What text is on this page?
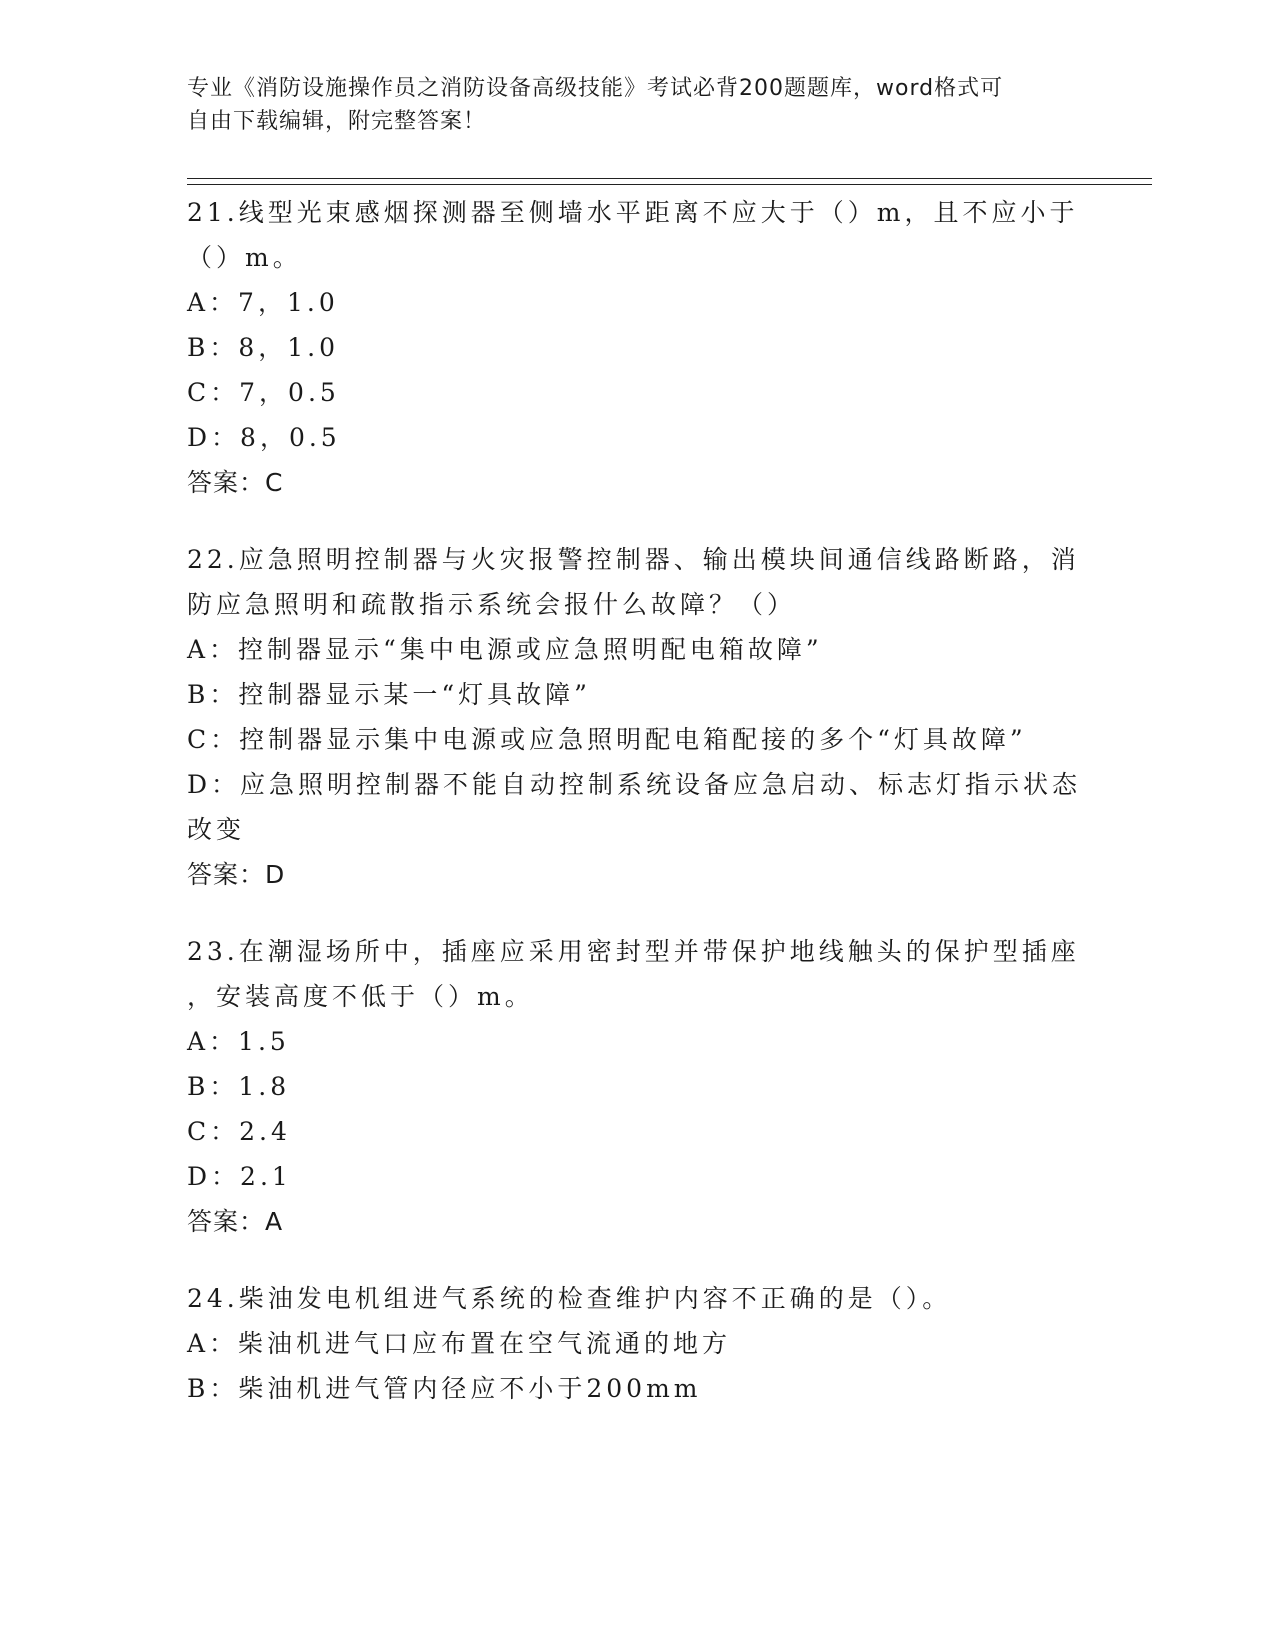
专业《消防设施操作员之消防设备高级技能》考试必背200题题库，word格式可
自由下载编辑，附完整答案！
21.线型光束感烟探测器至侧墙水平距离不应大于（）m，且不应小于
（）m。
A：7，1.0
B：8，1.0
C：7，0.5
D：8，0.5
答案：C
22.应急照明控制器与火灾报警控制器、输出模块间通信线路断路，消
防应急照明和疏散指示系统会报什么故障？（）
A：控制器显示“集中电源或应急照明配电箱故障”
B：控制器显示某一“灯具故障”
C：控制器显示集中电源或应急照明配电箱配接的多个“灯具故障”
D：应急照明控制器不能自动控制系统设备应急启动、标志灯指示状态
改变
答案：D
23.在潮湿场所中，插座应采用密封型并带保护地线触头的保护型插座
，安装高度不低于（）m。
A：1.5
B：1.8
C：2.4
D：2.1
答案：A
24.柴油发电机组进气系统的检查维护内容不正确的是（）。
A：柴油机进气口应布置在空气流通的地方
B：柴油机进气管内径应不小于200mm
